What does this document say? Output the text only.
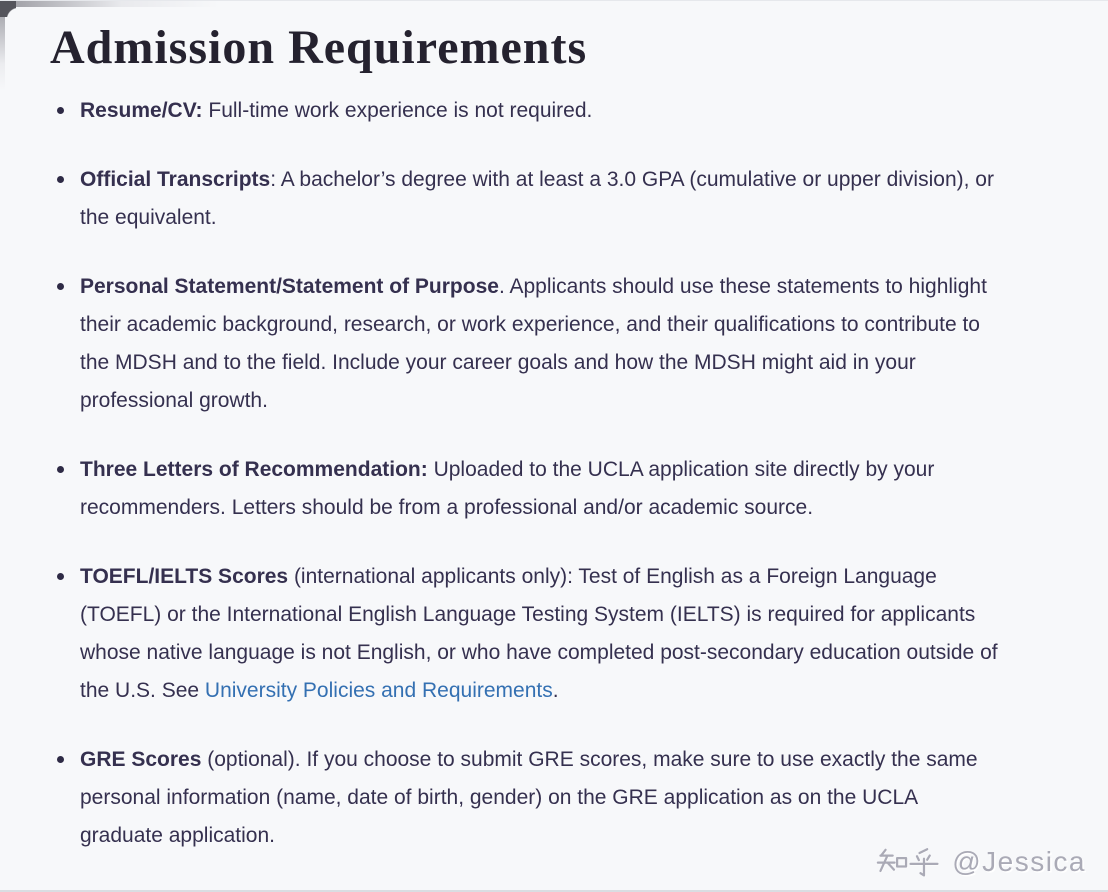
Admission Requirements
Resume/CV: Full-time work experience is not required.
Official Transcripts: A bachelor’s degree with at least a 3.0 GPA (cumulative or upper division), or the equivalent.
Personal Statement/Statement of Purpose. Applicants should use these statements to highlight their academic background, research, or work experience, and their qualifications to contribute to the MDSH and to the field. Include your career goals and how the MDSH might aid in your professional growth.
Three Letters of Recommendation: Uploaded to the UCLA application site directly by your recommenders. Letters should be from a professional and/or academic source.
TOEFL/IELTS Scores (international applicants only): Test of English as a Foreign Language (TOEFL) or the International English Language Testing System (IELTS) is required for applicants whose native language is not English, or who have completed post-secondary education outside of the U.S. See University Policies and Requirements.
GRE Scores (optional). If you choose to submit GRE scores, make sure to use exactly the same personal information (name, date of birth, gender) on the GRE application as on the UCLA graduate application.
@Jessica
